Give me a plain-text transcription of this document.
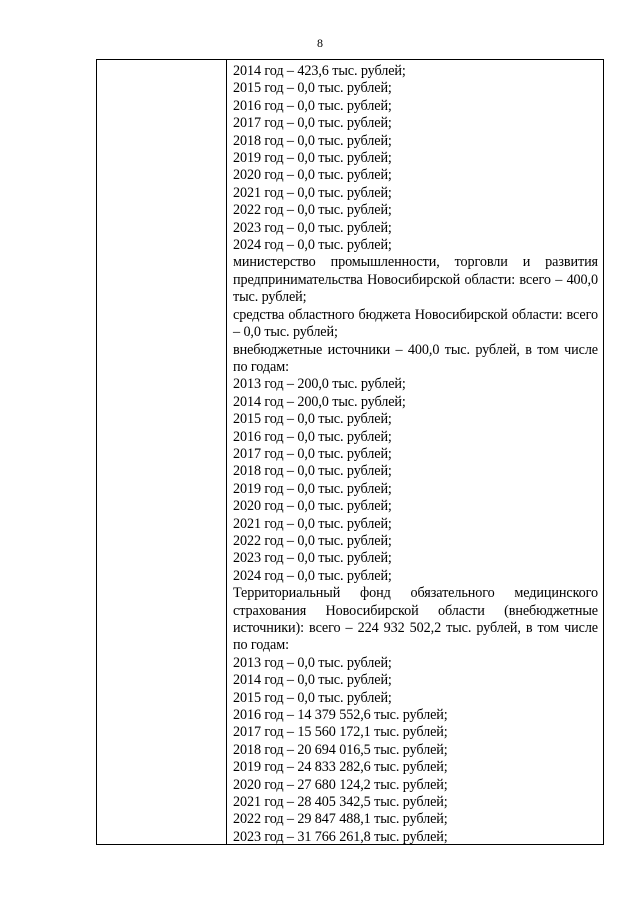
8
2014 год – 423,6 тыс. рублей;
2015 год – 0,0 тыс. рублей;
2016 год – 0,0 тыс. рублей;
2017 год – 0,0 тыс. рублей;
2018 год – 0,0 тыс. рублей;
2019 год – 0,0 тыс. рублей;
2020 год – 0,0 тыс. рублей;
2021 год – 0,0 тыс. рублей;
2022 год – 0,0 тыс. рублей;
2023 год – 0,0 тыс. рублей;
2024 год – 0,0 тыс. рублей;
министерство промышленности, торговли и развития предпринимательства Новосибирской области: всего – 400,0 тыс. рублей;
средства областного бюджета Новосибирской области: всего – 0,0 тыс. рублей;
внебюджетные источники – 400,0 тыс. рублей, в том числе по годам:
2013 год – 200,0 тыс. рублей;
2014 год – 200,0 тыс. рублей;
2015 год – 0,0 тыс. рублей;
2016 год – 0,0 тыс. рублей;
2017 год – 0,0 тыс. рублей;
2018 год – 0,0 тыс. рублей;
2019 год – 0,0 тыс. рублей;
2020 год – 0,0 тыс. рублей;
2021 год – 0,0 тыс. рублей;
2022 год – 0,0 тыс. рублей;
2023 год – 0,0 тыс. рублей;
2024 год – 0,0 тыс. рублей;
Территориальный фонд обязательного медицинского страхования Новосибирской области (внебюджетные источники): всего – 224 932 502,2 тыс. рублей, в том числе по годам:
2013 год – 0,0 тыс. рублей;
2014 год – 0,0 тыс. рублей;
2015 год – 0,0 тыс. рублей;
2016 год – 14 379 552,6 тыс. рублей;
2017 год – 15 560 172,1 тыс. рублей;
2018 год – 20 694 016,5 тыс. рублей;
2019 год – 24 833 282,6 тыс. рублей;
2020 год – 27 680 124,2 тыс. рублей;
2021 год – 28 405 342,5 тыс. рублей;
2022 год – 29 847 488,1 тыс. рублей;
2023 год – 31 766 261,8 тыс. рублей;
